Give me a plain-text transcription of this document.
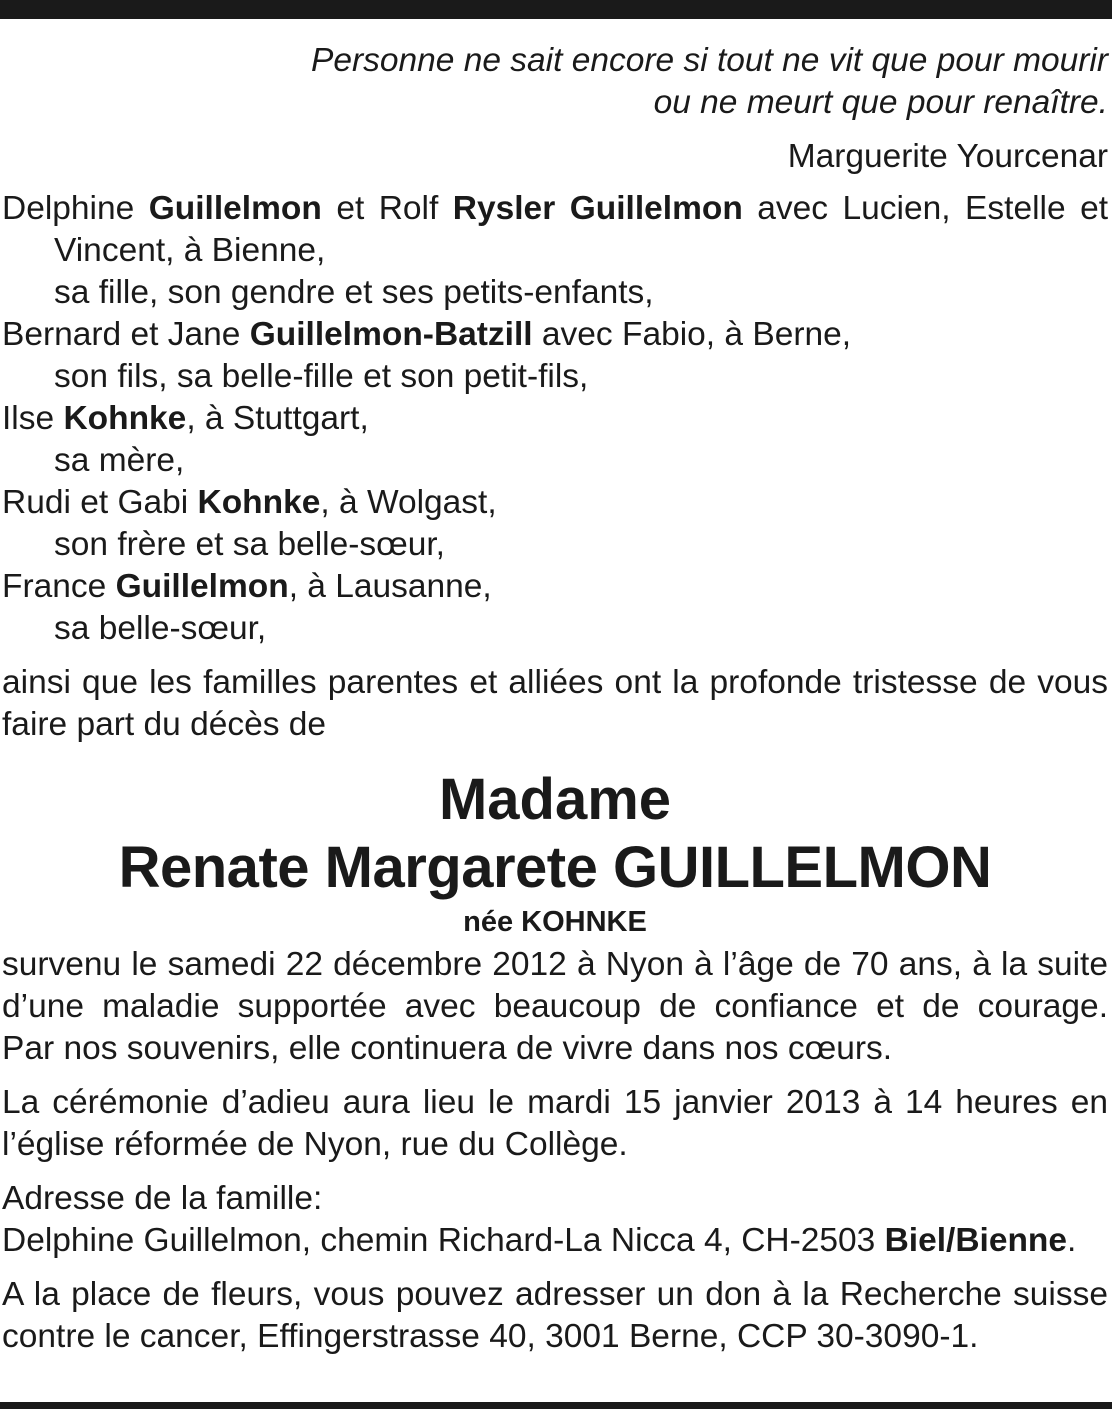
Personne ne sait encore si tout ne vit que pour mourir

ou ne meurt que pour renaître.

Marguerite Yourcenar

Delphine Guillelmon et Rolf Rysler Guillelmon avec Lucien, Estelle et
Vincent, à Bienne,
sa fille, son gendre et ses petits-enfants,
Bernard et Jane Guillelmon-Batzill avec Fabio, à Berne,
son fils, sa belle-fille et son petit-fils,
Ilse Kohnke, à Stuttgart,
sa mère,
Rudi et Gabi Kohnke, à Wolgast,
son frère et sa belle-sœur,
France Guillelmon, à Lausanne,
sa belle-sœur,
ainsi que les familles parentes et alliées ont la profonde tristesse de vous
faire part du décès de
Madame
Renate Margarete GUILLELMON
née KOHNKE
survenu le samedi 22 décembre 2012 à Nyon à l’âge de 70 ans, à la suite
d’une maladie supportée avec beaucoup de confiance et de courage.
Par nos souvenirs, elle continuera de vivre dans nos cœurs.
La cérémonie d’adieu aura lieu le mardi 15 janvier 2013 à 14 heures en
l’église réformée de Nyon, rue du Collège.
Adresse de la famille:
Delphine Guillelmon, chemin Richard-La Nicca 4, CH-2503 Biel/Bienne.
A la place de fleurs, vous pouvez adresser un don à la Recherche suisse
contre le cancer, Effingerstrasse 40, 3001 Berne, CCP 30-3090-1.
